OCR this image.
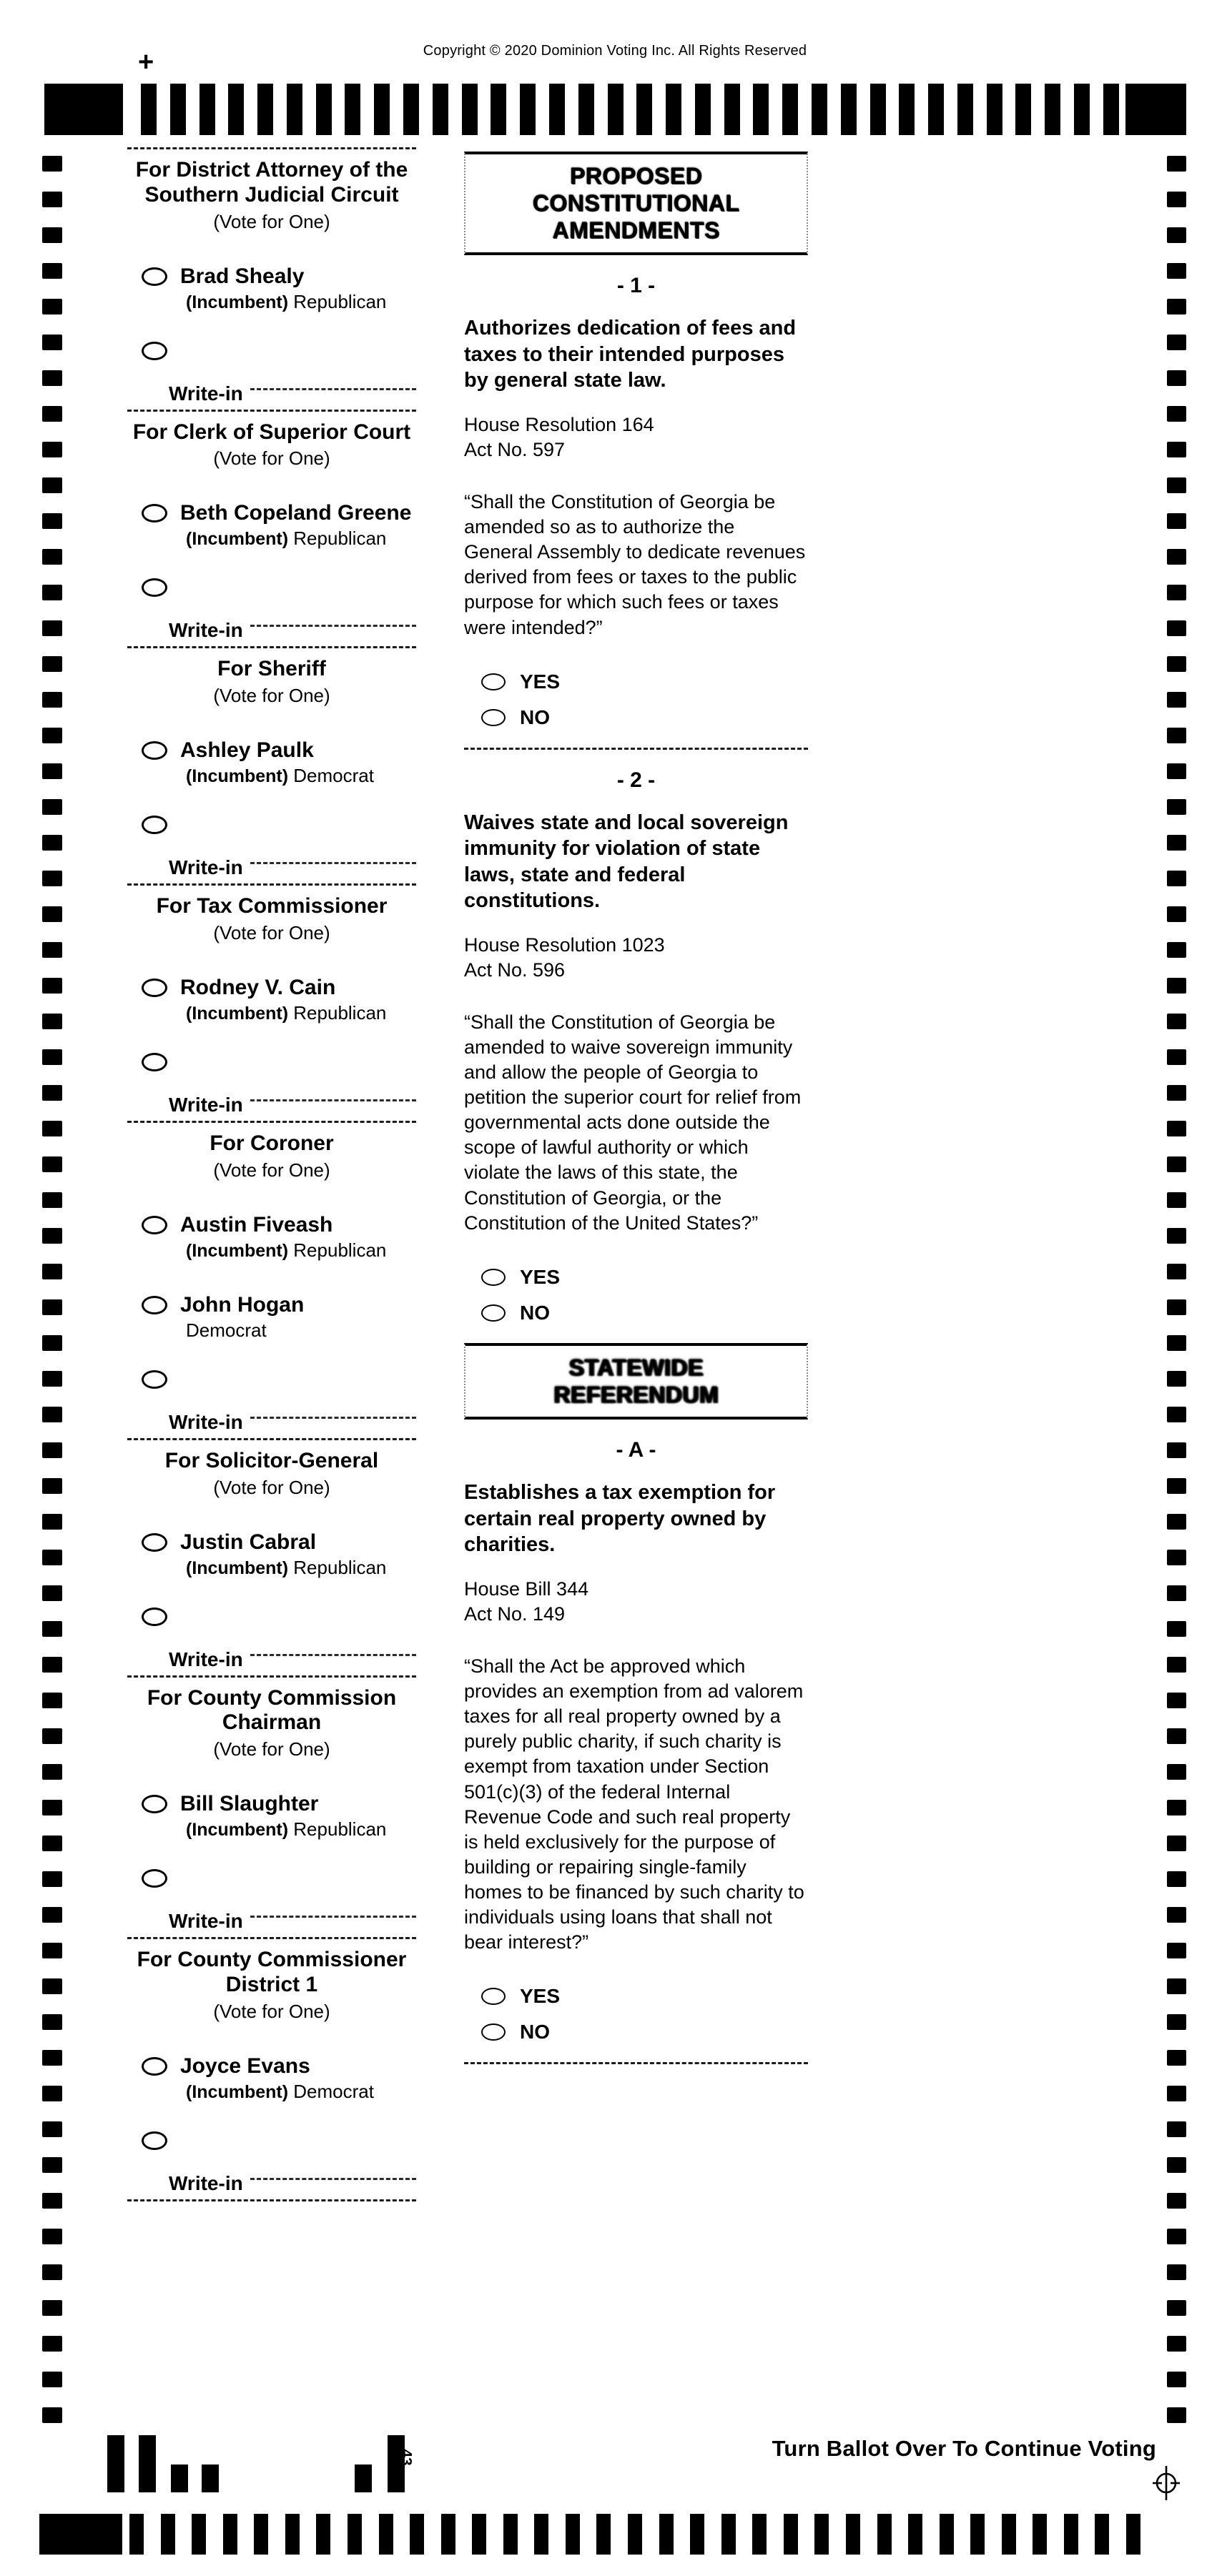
+	Copyright © 2020 Dominion Voting Inc. All Rights Reserved
For District Attorney of the Southern Judicial Circuit
(Vote for One)
Brad Shealy
(Incumbent) Republican
Write-in
For Clerk of Superior Court
(Vote for One)
Beth Copeland Greene
(Incumbent) Republican
Write-in
For Sheriff
(Vote for One)
Ashley Paulk
(Incumbent) Democrat
Write-in
For Tax Commissioner
(Vote for One)
Rodney V. Cain
(Incumbent) Republican
Write-in
For Coroner
(Vote for One)
Austin Fiveash
(Incumbent) Republican
John Hogan
Democrat
Write-in
For Solicitor-General
(Vote for One)
Justin Cabral
(Incumbent) Republican
Write-in
For County Commission Chairman
(Vote for One)
Bill Slaughter
(Incumbent) Republican
Write-in
For County Commissioner District 1
(Vote for One)
Joyce Evans
(Incumbent) Democrat
Write-in
PROPOSED
CONSTITUTIONAL
AMENDMENTS
- 1 -

Authorizes dedication of fees and taxes to their intended purposes by general state law.

House Resolution 164
Act No. 597

“Shall the Constitution of Georgia be amended so as to authorize the General Assembly to dedicate revenues derived from fees or taxes to the public purpose for which such fees or taxes were intended?”

YES
NO
- 2 -

Waives state and local sovereign immunity for violation of state laws, state and federal constitutions.

House Resolution 1023
Act No. 596

“Shall the Constitution of Georgia be amended to waive sovereign immunity and allow the people of Georgia to petition the superior court for relief from governmental acts done outside the scope of lawful authority or which violate the laws of this state, the Constitution of Georgia, or the Constitution of the United States?”

YES
NO
STATEWIDE
REFERENDUM
- A -

Establishes a tax exemption for certain real property owned by charities.

House Bill 344
Act No. 149

“Shall the Act be approved which provides an exemption from ad valorem taxes for all real property owned by a purely public charity, if such charity is exempt from taxation under Section 501(c)(3) of the federal Internal Revenue Code and such real property is held exclusively for the purpose of building or repairing single-family homes to be financed by such charity to individuals using loans that shall not bear interest?”

YES
NO
Turn Ballot Over To Continue Voting
43
